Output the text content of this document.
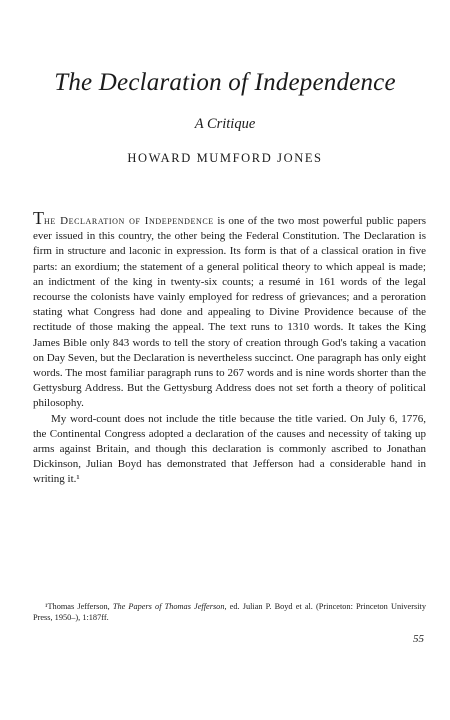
The Declaration of Independence

A Critique

HOWARD MUMFORD JONES

The Declaration of Independence is one of the two most powerful public papers ever issued in this country, the other being the Federal Constitution. The Declaration is firm in structure and laconic in expression. Its form is that of a classical oration in five parts: an exordium; the statement of a general political theory to which appeal is made; an indictment of the king in twenty-six counts; a resumé in 161 words of the legal recourse the colonists have vainly employed for redress of grievances; and a peroration stating what Congress had done and appealing to Divine Providence because of the rectitude of those making the appeal. The text runs to 1310 words. It takes the King James Bible only 843 words to tell the story of creation through God's taking a vacation on Day Seven, but the Declaration is nevertheless succinct. One paragraph has only eight words. The most familiar paragraph runs to 267 words and is nine words shorter than the Gettysburg Address. But the Gettysburg Address does not set forth a theory of political philosophy.

My word-count does not include the title because the title varied. On July 6, 1776, the Continental Congress adopted a declaration of the causes and necessity of taking up arms against Britain, and though this declaration is commonly ascribed to Jonathan Dickinson, Julian Boyd has demonstrated that Jefferson had a considerable hand in writing it.¹

¹Thomas Jefferson, The Papers of Thomas Jefferson, ed. Julian P. Boyd et al. (Princeton: Princeton University Press, 1950–), 1:187ff.

55
